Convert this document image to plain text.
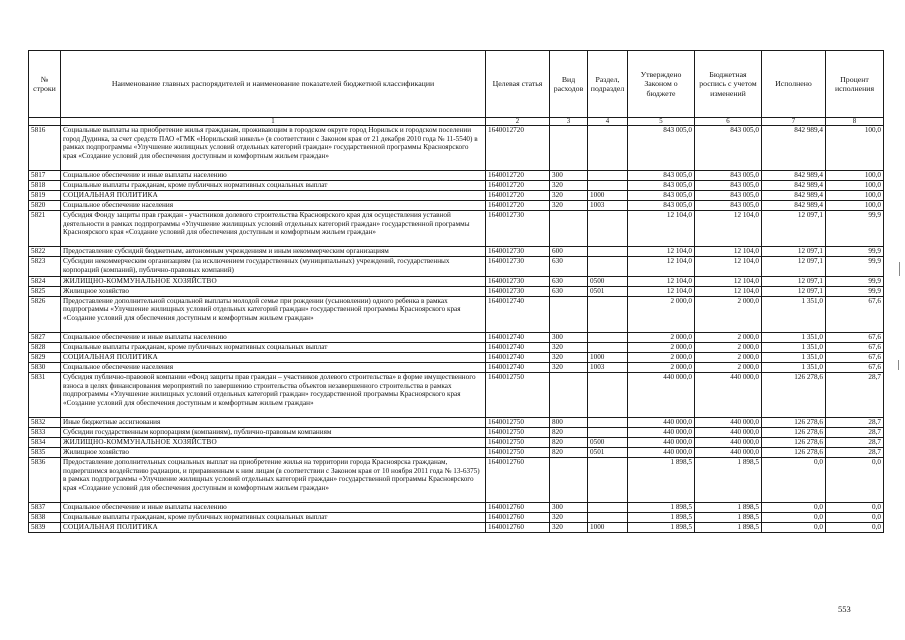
№ строки	Наименование главных распорядителей и наименование показателей бюджетной классификации	Целевая статья	Вид расходов	Раздел, подраздел	Утверждено Законом о бюджете	Бюджетная роспись с учетом изменений	Исполнено	Процент исполнения
	1	2	3	4	5	6	7	8
5816	Социальные выплаты на приобретение жилья гражданам, проживающим в городском округе город Норильск и городском поселении город Дудинка, за счет средств ПАО «ГМК «Норильский никель» (в соответствии с Законом края от 21 декабря 2010 года № 11-5540) в рамках подпрограммы «Улучшение жилищных условий отдельных категорий граждан» государственной программы Красноярского края «Создание условий для обеспечения доступным и комфортным жильем граждан»	1640012720			843 005,0	843 005,0	842 989,4	100,0
5817	Социальное обеспечение и иные выплаты населению	1640012720	300		843 005,0	843 005,0	842 989,4	100,0
5818	Социальные выплаты гражданам, кроме публичных нормативных социальных выплат	1640012720	320		843 005,0	843 005,0	842 989,4	100,0
5819	СОЦИАЛЬНАЯ ПОЛИТИКА	1640012720	320	1000	843 005,0	843 005,0	842 989,4	100,0
5820	Социальное обеспечение населения	1640012720	320	1003	843 005,0	843 005,0	842 989,4	100,0
5821	Субсидия Фонду защиты прав граждан - участников долевого строительства Красноярского края для осуществления уставной деятельности в рамках подпрограммы «Улучшение жилищных условий отдельных категорий граждан» государственной программы Красноярского края «Создание условий для обеспечения доступным и комфортным жильем граждан»	1640012730			12 104,0	12 104,0	12 097,1	99,9
5822	Предоставление субсидий бюджетным, автономным учреждениям и иным некоммерческим организациям	1640012730	600		12 104,0	12 104,0	12 097,1	99,9
5823	Субсидии некоммерческим организациям (за исключением государственных (муниципальных) учреждений, государственных корпораций (компаний), публично-правовых компаний)	1640012730	630		12 104,0	12 104,0	12 097,1	99,9
5824	ЖИЛИЩНО-КОММУНАЛЬНОЕ ХОЗЯЙСТВО	1640012730	630	0500	12 104,0	12 104,0	12 097,1	99,9
5825	Жилищное хозяйство	1640012730	630	0501	12 104,0	12 104,0	12 097,1	99,9
5826	Предоставление дополнительной социальной выплаты молодой семье при рождении (усыновлении) одного ребенка в рамках подпрограммы «Улучшение жилищных условий отдельных категорий граждан» государственной программы Красноярского края «Создание условий для обеспечения доступным и комфортным жильем граждан»	1640012740			2 000,0	2 000,0	1 351,0	67,6
5827	Социальное обеспечение и иные выплаты населению	1640012740	300		2 000,0	2 000,0	1 351,0	67,6
5828	Социальные выплаты гражданам, кроме публичных нормативных социальных выплат	1640012740	320		2 000,0	2 000,0	1 351,0	67,6
5829	СОЦИАЛЬНАЯ ПОЛИТИКА	1640012740	320	1000	2 000,0	2 000,0	1 351,0	67,6
5830	Социальное обеспечение населения	1640012740	320	1003	2 000,0	2 000,0	1 351,0	67,6
5831	Субсидия публично-правовой компании «Фонд защиты прав граждан – участников долевого строительства» в форме имущественного взноса в целях финансирования мероприятий по завершению строительства объектов незавершенного строительства в рамках подпрограммы «Улучшение жилищных условий отдельных категорий граждан» государственной программы Красноярского края «Создание условий для обеспечения доступным и комфортным жильем граждан»	1640012750			440 000,0	440 000,0	126 278,6	28,7
5832	Иные бюджетные ассигнования	1640012750	800		440 000,0	440 000,0	126 278,6	28,7
5833	Субсидии государственным корпорациям (компаниям), публично-правовым компаниям	1640012750	820		440 000,0	440 000,0	126 278,6	28,7
5834	ЖИЛИЩНО-КОММУНАЛЬНОЕ ХОЗЯЙСТВО	1640012750	820	0500	440 000,0	440 000,0	126 278,6	28,7
5835	Жилищное хозяйство	1640012750	820	0501	440 000,0	440 000,0	126 278,6	28,7
5836	Предоставление дополнительных социальных выплат на приобретение жилья на территории города Красноярска гражданам, подвергшимся воздействию радиации, и приравненным к ним лицам (в соответствии с Законом края от 10 ноября 2011 года № 13-6375) в рамках подпрограммы «Улучшение жилищных условий отдельных категорий граждан» государственной программы Красноярского края «Создание условий для обеспечения доступным и комфортным жильем граждан»	1640012760			1 898,5	1 898,5	0,0	0,0
5837	Социальное обеспечение и иные выплаты населению	1640012760	300		1 898,5	1 898,5	0,0	0,0
5838	Социальные выплаты гражданам, кроме публичных нормативных социальных выплат	1640012760	320		1 898,5	1 898,5	0,0	0,0
5839	СОЦИАЛЬНАЯ ПОЛИТИКА	1640012760	320	1000	1 898,5	1 898,5	0,0	0,0
553
